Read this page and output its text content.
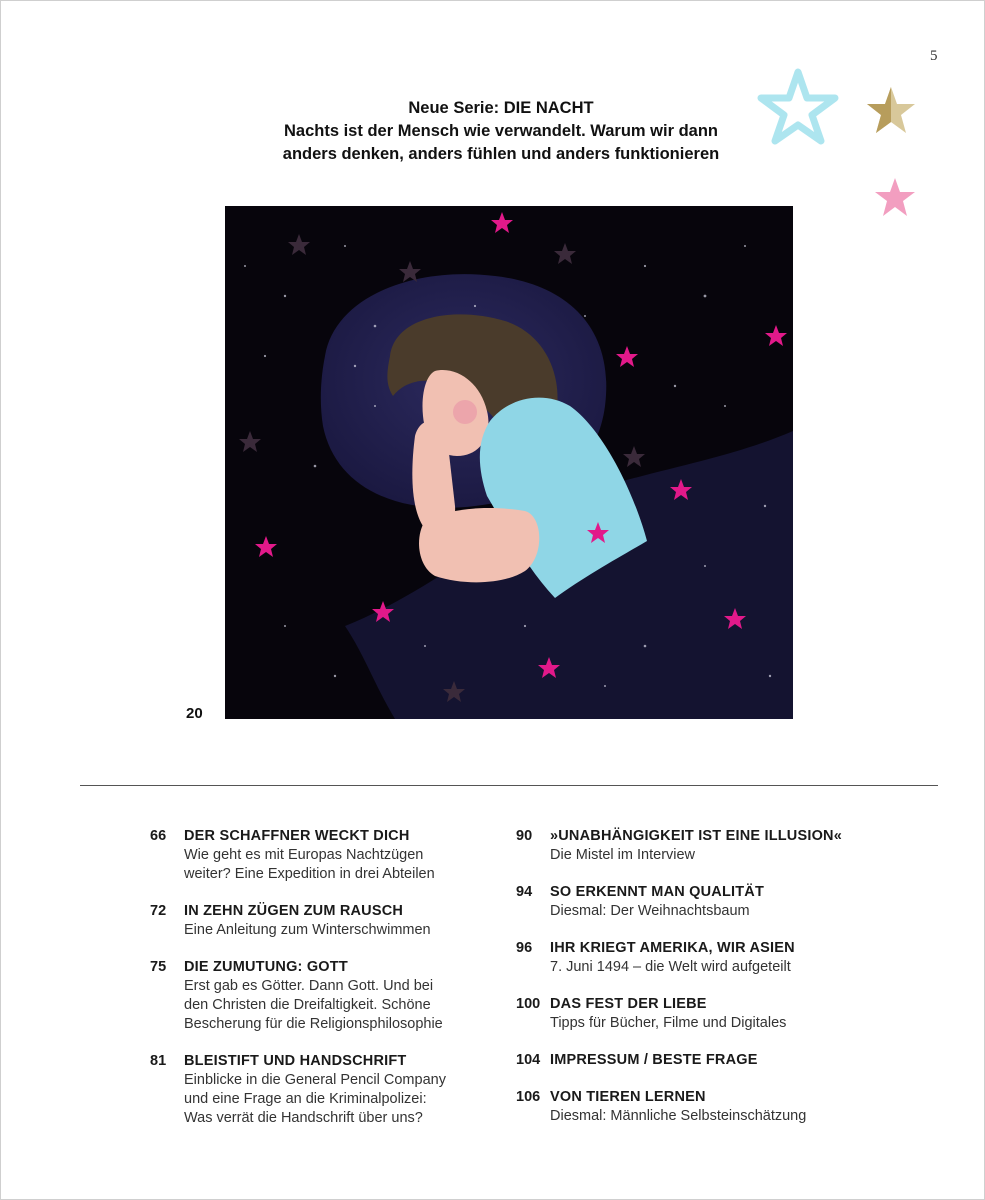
5
Neue Serie: DIE NACHT
Nachts ist der Mensch wie verwandelt. Warum wir dann
anders denken, anders fühlen und anders funktionieren
20
66 DER SCHAFFNER WECKT DICH
Wie geht es mit Europas Nachtzügen
weiter? Eine Expedition in drei Abteilen
72 IN ZEHN ZÜGEN ZUM RAUSCH
Eine Anleitung zum Winterschwimmen
75 DIE ZUMUTUNG: GOTT
Erst gab es Götter. Dann Gott. Und bei
den Christen die Dreifaltigkeit. Schöne
Bescherung für die Religionsphilosophie
81 BLEISTIFT UND HANDSCHRIFT
Einblicke in die General Pencil Company
und eine Frage an die Kriminalpolizei:
Was verrät die Handschrift über uns?
90 »UNABHÄNGIGKEIT IST EINE ILLUSION«
Die Mistel im Interview
94 SO ERKENNT MAN QUALITÄT
Diesmal: Der Weihnachtsbaum
96 IHR KRIEGT AMERIKA, WIR ASIEN
7. Juni 1494 – die Welt wird aufgeteilt
100 DAS FEST DER LIEBE
Tipps für Bücher, Filme und Digitales
104 IMPRESSUM / BESTE FRAGE
106 VON TIEREN LERNEN
Diesmal: Männliche Selbsteinschätzung
